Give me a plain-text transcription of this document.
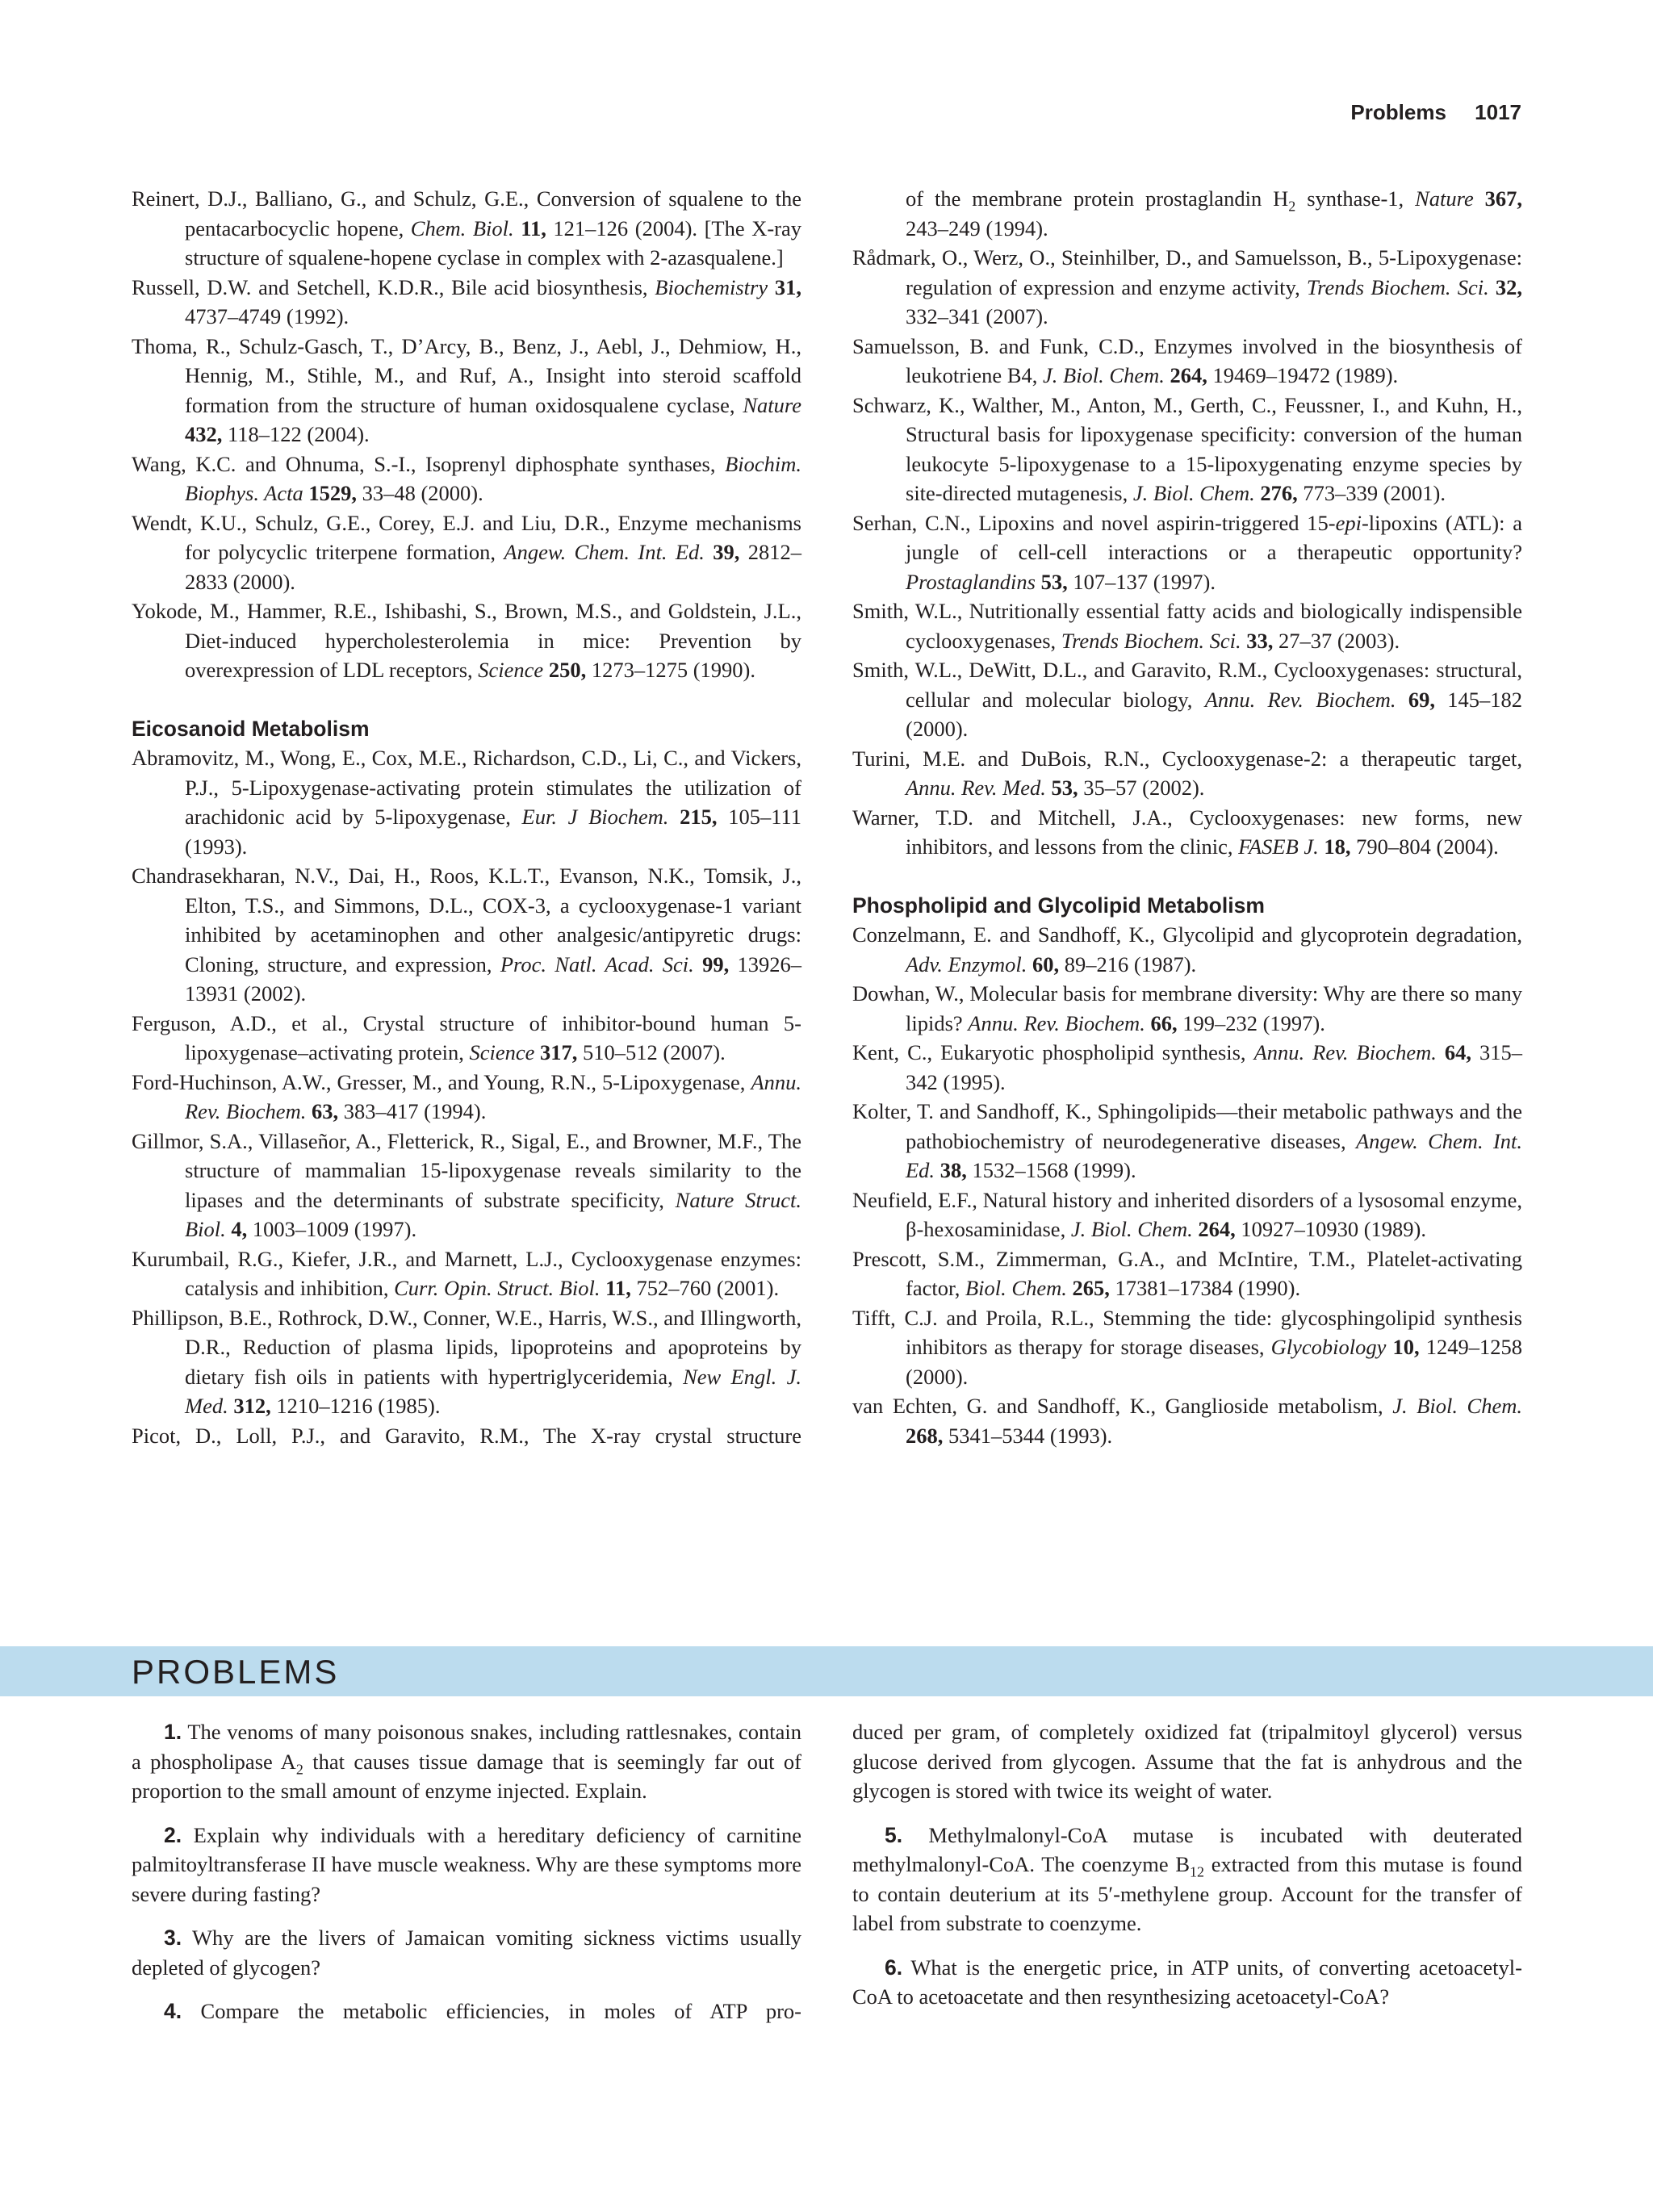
Problems 1017

Reinert, D.J., Balliano, G., and Schulz, G.E., Conversion of squalene to the pentacarbocyclic hopene, Chem. Biol. 11, 121–126 (2004). [The X-ray structure of squalene-hopene cyclase in complex with 2-azasqualene.]

Russell, D.W. and Setchell, K.D.R., Bile acid biosynthesis, Biochemistry 31, 4737–4749 (1992).

Thoma, R., Schulz-Gasch, T., D’Arcy, B., Benz, J., Aebl, J., Dehmiow, H., Hennig, M., Stihle, M., and Ruf, A., Insight into steroid scaffold formation from the structure of human oxidosqualene cyclase, Nature 432, 118–122 (2004).

Wang, K.C. and Ohnuma, S.-I., Isoprenyl diphosphate synthases, Biochim. Biophys. Acta 1529, 33–48 (2000).

Wendt, K.U., Schulz, G.E., Corey, E.J. and Liu, D.R., Enzyme mechanisms for polycyclic triterpene formation, Angew. Chem. Int. Ed. 39, 2812–2833 (2000).

Yokode, M., Hammer, R.E., Ishibashi, S., Brown, M.S., and Goldstein, J.L., Diet-induced hypercholesterolemia in mice: Prevention by overexpression of LDL receptors, Science 250, 1273–1275 (1990).

Eicosanoid Metabolism

Abramovitz, M., Wong, E., Cox, M.E., Richardson, C.D., Li, C., and Vickers, P.J., 5-Lipoxygenase-activating protein stimulates the utilization of arachidonic acid by 5-lipoxygenase, Eur. J Biochem. 215, 105–111 (1993).

Chandrasekharan, N.V., Dai, H., Roos, K.L.T., Evanson, N.K., Tomsik, J., Elton, T.S., and Simmons, D.L., COX-3, a cyclooxygenase-1 variant inhibited by acetaminophen and other analgesic/antipyretic drugs: Cloning, structure, and expression, Proc. Natl. Acad. Sci. 99, 13926–13931 (2002).

Ferguson, A.D., et al., Crystal structure of inhibitor-bound human 5-lipoxygenase–activating protein, Science 317, 510–512 (2007).

Ford-Huchinson, A.W., Gresser, M., and Young, R.N., 5-Lipoxygenase, Annu. Rev. Biochem. 63, 383–417 (1994).

Gillmor, S.A., Villaseñor, A., Fletterick, R., Sigal, E., and Browner, M.F., The structure of mammalian 15-lipoxygenase reveals similarity to the lipases and the determinants of substrate specificity, Nature Struct. Biol. 4, 1003–1009 (1997).

Kurumbail, R.G., Kiefer, J.R., and Marnett, L.J., Cyclooxygenase enzymes: catalysis and inhibition, Curr. Opin. Struct. Biol. 11, 752–760 (2001).

Phillipson, B.E., Rothrock, D.W., Conner, W.E., Harris, W.S., and Illingworth, D.R., Reduction of plasma lipids, lipoproteins and apoproteins by dietary fish oils in patients with hypertriglyceridemia, New Engl. J. Med. 312, 1210–1216 (1985).

Picot, D., Loll, P.J., and Garavito, R.M., The X-ray crystal structure

of the membrane protein prostaglandin $H_2$ synthase-1, Nature 367, 243–249 (1994).

Rådmark, O., Werz, O., Steinhilber, D., and Samuelsson, B., 5-Lipoxygenase: regulation of expression and enzyme activity, Trends Biochem. Sci. 32, 332–341 (2007).

Samuelsson, B. and Funk, C.D., Enzymes involved in the biosynthesis of leukotriene B4, J. Biol. Chem. 264, 19469–19472 (1989).

Schwarz, K., Walther, M., Anton, M., Gerth, C., Feussner, I., and Kuhn, H., Structural basis for lipoxygenase specificity: conversion of the human leukocyte 5-lipoxygenase to a 15-lipoxygenating enzyme species by site-directed mutagenesis, J. Biol. Chem. 276, 773–339 (2001).

Serhan, C.N., Lipoxins and novel aspirin-triggered 15-epi-lipoxins (ATL): a jungle of cell-cell interactions or a therapeutic opportunity? Prostaglandins 53, 107–137 (1997).

Smith, W.L., Nutritionally essential fatty acids and biologically indispensible cyclooxygenases, Trends Biochem. Sci. 33, 27–37 (2003).

Smith, W.L., DeWitt, D.L., and Garavito, R.M., Cyclooxygenases: structural, cellular and molecular biology, Annu. Rev. Biochem. 69, 145–182 (2000).

Turini, M.E. and DuBois, R.N., Cyclooxygenase-2: a therapeutic target, Annu. Rev. Med. 53, 35–57 (2002).

Warner, T.D. and Mitchell, J.A., Cyclooxygenases: new forms, new inhibitors, and lessons from the clinic, FASEB J. 18, 790–804 (2004).

Phospholipid and Glycolipid Metabolism

Conzelmann, E. and Sandhoff, K., Glycolipid and glycoprotein degradation, Adv. Enzymol. 60, 89–216 (1987).

Dowhan, W., Molecular basis for membrane diversity: Why are there so many lipids? Annu. Rev. Biochem. 66, 199–232 (1997).

Kent, C., Eukaryotic phospholipid synthesis, Annu. Rev. Biochem. 64, 315–342 (1995).

Kolter, T. and Sandhoff, K., Sphingolipids—their metabolic pathways and the pathobiochemistry of neurodegenerative diseases, Angew. Chem. Int. Ed. 38, 1532–1568 (1999).

Neufield, E.F., Natural history and inherited disorders of a lysosomal enzyme, β-hexosaminidase, J. Biol. Chem. 264, 10927–10930 (1989).

Prescott, S.M., Zimmerman, G.A., and McIntire, T.M., Platelet-activating factor, Biol. Chem. 265, 17381–17384 (1990).

Tifft, C.J. and Proila, R.L., Stemming the tide: glycosphingolipid synthesis inhibitors as therapy for storage diseases, Glycobiology 10, 1249–1258 (2000).

van Echten, G. and Sandhoff, K., Ganglioside metabolism, J. Biol. Chem. 268, 5341–5344 (1993).

PROBLEMS

1. The venoms of many poisonous snakes, including rattlesnakes, contain a phospholipase $A_2$ that causes tissue damage that is seemingly far out of proportion to the small amount of enzyme injected. Explain.

2. Explain why individuals with a hereditary deficiency of carnitine palmitoyltransferase II have muscle weakness. Why are these symptoms more severe during fasting?

3. Why are the livers of Jamaican vomiting sickness victims usually depleted of glycogen?

4. Compare the metabolic efficiencies, in moles of ATP pro-

duced per gram, of completely oxidized fat (tripalmitoyl glycerol) versus glucose derived from glycogen. Assume that the fat is anhydrous and the glycogen is stored with twice its weight of water.

5. Methylmalonyl-CoA mutase is incubated with deuterated methylmalonyl-CoA. The coenzyme $B_{12}$ extracted from this mutase is found to contain deuterium at its 5′-methylene group. Account for the transfer of label from substrate to coenzyme.

6. What is the energetic price, in ATP units, of converting acetoacetyl-CoA to acetoacetate and then resynthesizing acetoacetyl-CoA?
